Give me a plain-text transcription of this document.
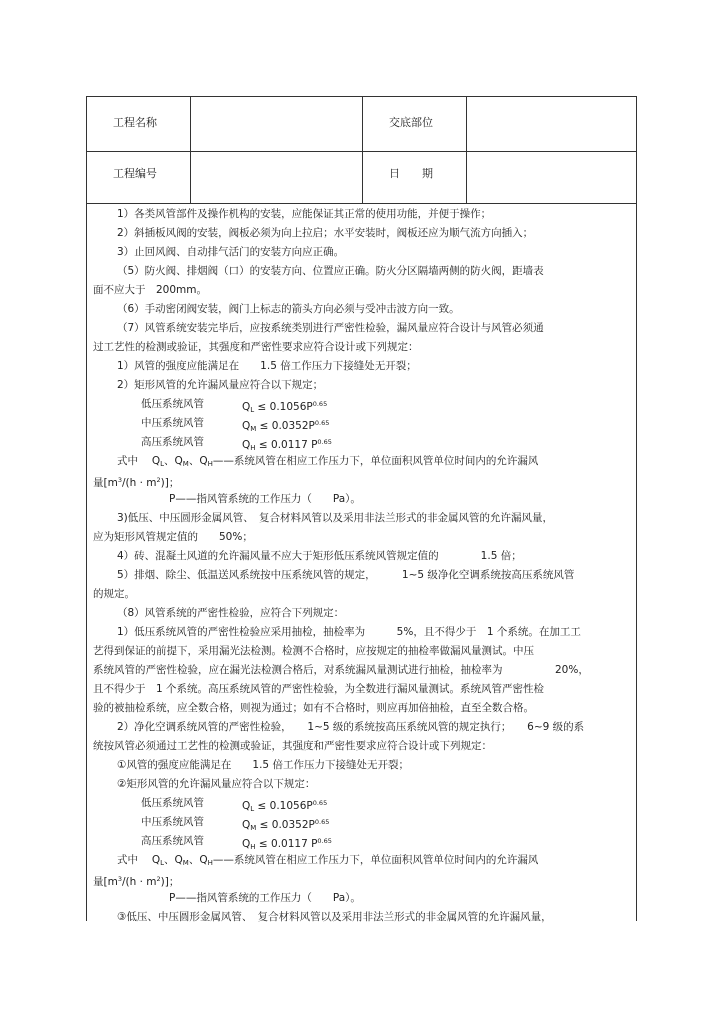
工程名称	交底部位
工程编号	日　　期
1）各类风管部件及操作机构的安装，应能保证其正常的使用功能，并便于操作；
2）斜插板风阀的安装，阀板必须为向上拉启；水平安装时，阀板还应为顺气流方向插入；
3）止回风阀、自动排气活门的安装方向应正确。
（5）防火阀、排烟阀（口）的安装方向、位置应正确。防火分区隔墙两侧的防火阀，距墙表
面不应大于　200mm。
（6）手动密闭阀安装，阀门上标志的箭头方向必须与受冲击波方向一致。
（7）风管系统安装完毕后，应按系统类别进行严密性检验，漏风量应符合设计与风管必须通
过工艺性的检测或验证，其强度和严密性要求应符合设计或下列规定：
1）风管的强度应能满足在　　1.5 倍工作压力下接缝处无开裂；
2）矩形风管的允许漏风量应符合以下规定；
低压系统风管	$Q_L \le 0.1056P^{0.65}$
中压系统风管	$Q_M \le 0.0352P^{0.65}$
高压系统风管	$Q_H \le 0.0117$ $P^{0.65}$
式中　 $Q_L$、$Q_M$、$Q_H——$系统风管在相应工作压力下，单位面积风管单位时间内的允许漏风
量$[m^3/(h \cdot m^2)]$；
P——指风管系统的工作压力（　　Pa）。
3)低压、中压圆形金属风管、　复合材料风管以及采用非法兰形式的非金属风管的允许漏风量，
应为矩形风管规定值的　　50%；
4）砖、混凝土风道的允许漏风量不应大于矩形低压系统风管规定值的　　　　1.5 倍；
5）排烟、除尘、低温送风系统按中压系统风管的规定，　　　1~5 级净化空调系统按高压系统风管
的规定。
（8）风管系统的严密性检验，应符合下列规定：
1）低压系统风管的严密性检验应采用抽检，抽检率为　　　5%，且不得少于　1 个系统。在加工工
艺得到保证的前提下，采用漏光法检测。检测不合格时，应按规定的抽检率做漏风量测试。中压
系统风管的严密性检验，应在漏光法检测合格后，对系统漏风量测试进行抽检，抽检率为　　　　　20%，
且不得少于　1 个系统。高压系统风管的严密性检验，为全数进行漏风量测试。系统风管严密性检
验的被抽检系统，应全数合格，则视为通过；如有不合格时，则应再加倍抽检，直至全数合格。
2）净化空调系统风管的严密性检验，　　1~5 级的系统按高压系统风管的规定执行；　　6~9 级的系
统按风管必须通过工艺性的检测或验证，其强度和严密性要求应符合设计或下列规定：
①风管的强度应能满足在　　1.5 倍工作压力下接缝处无开裂；
②矩形风管的允许漏风量应符合以下规定：
低压系统风管	$Q_L \le 0.1056P^{0.65}$
中压系统风管	$Q_M \le 0.0352P^{0.65}$
高压系统风管	$Q_H \le 0.0117$ $P^{0.65}$
式中　 $Q_L$、$Q_M$、$Q_H——$系统风管在相应工作压力下，单位面积风管单位时间内的允许漏风
量$[m^3/(h \cdot m^2)]$；
P——指风管系统的工作压力（　　Pa）。
③低压、中压圆形金属风管、　复合材料风管以及采用非法兰形式的非金属风管的允许漏风量，
